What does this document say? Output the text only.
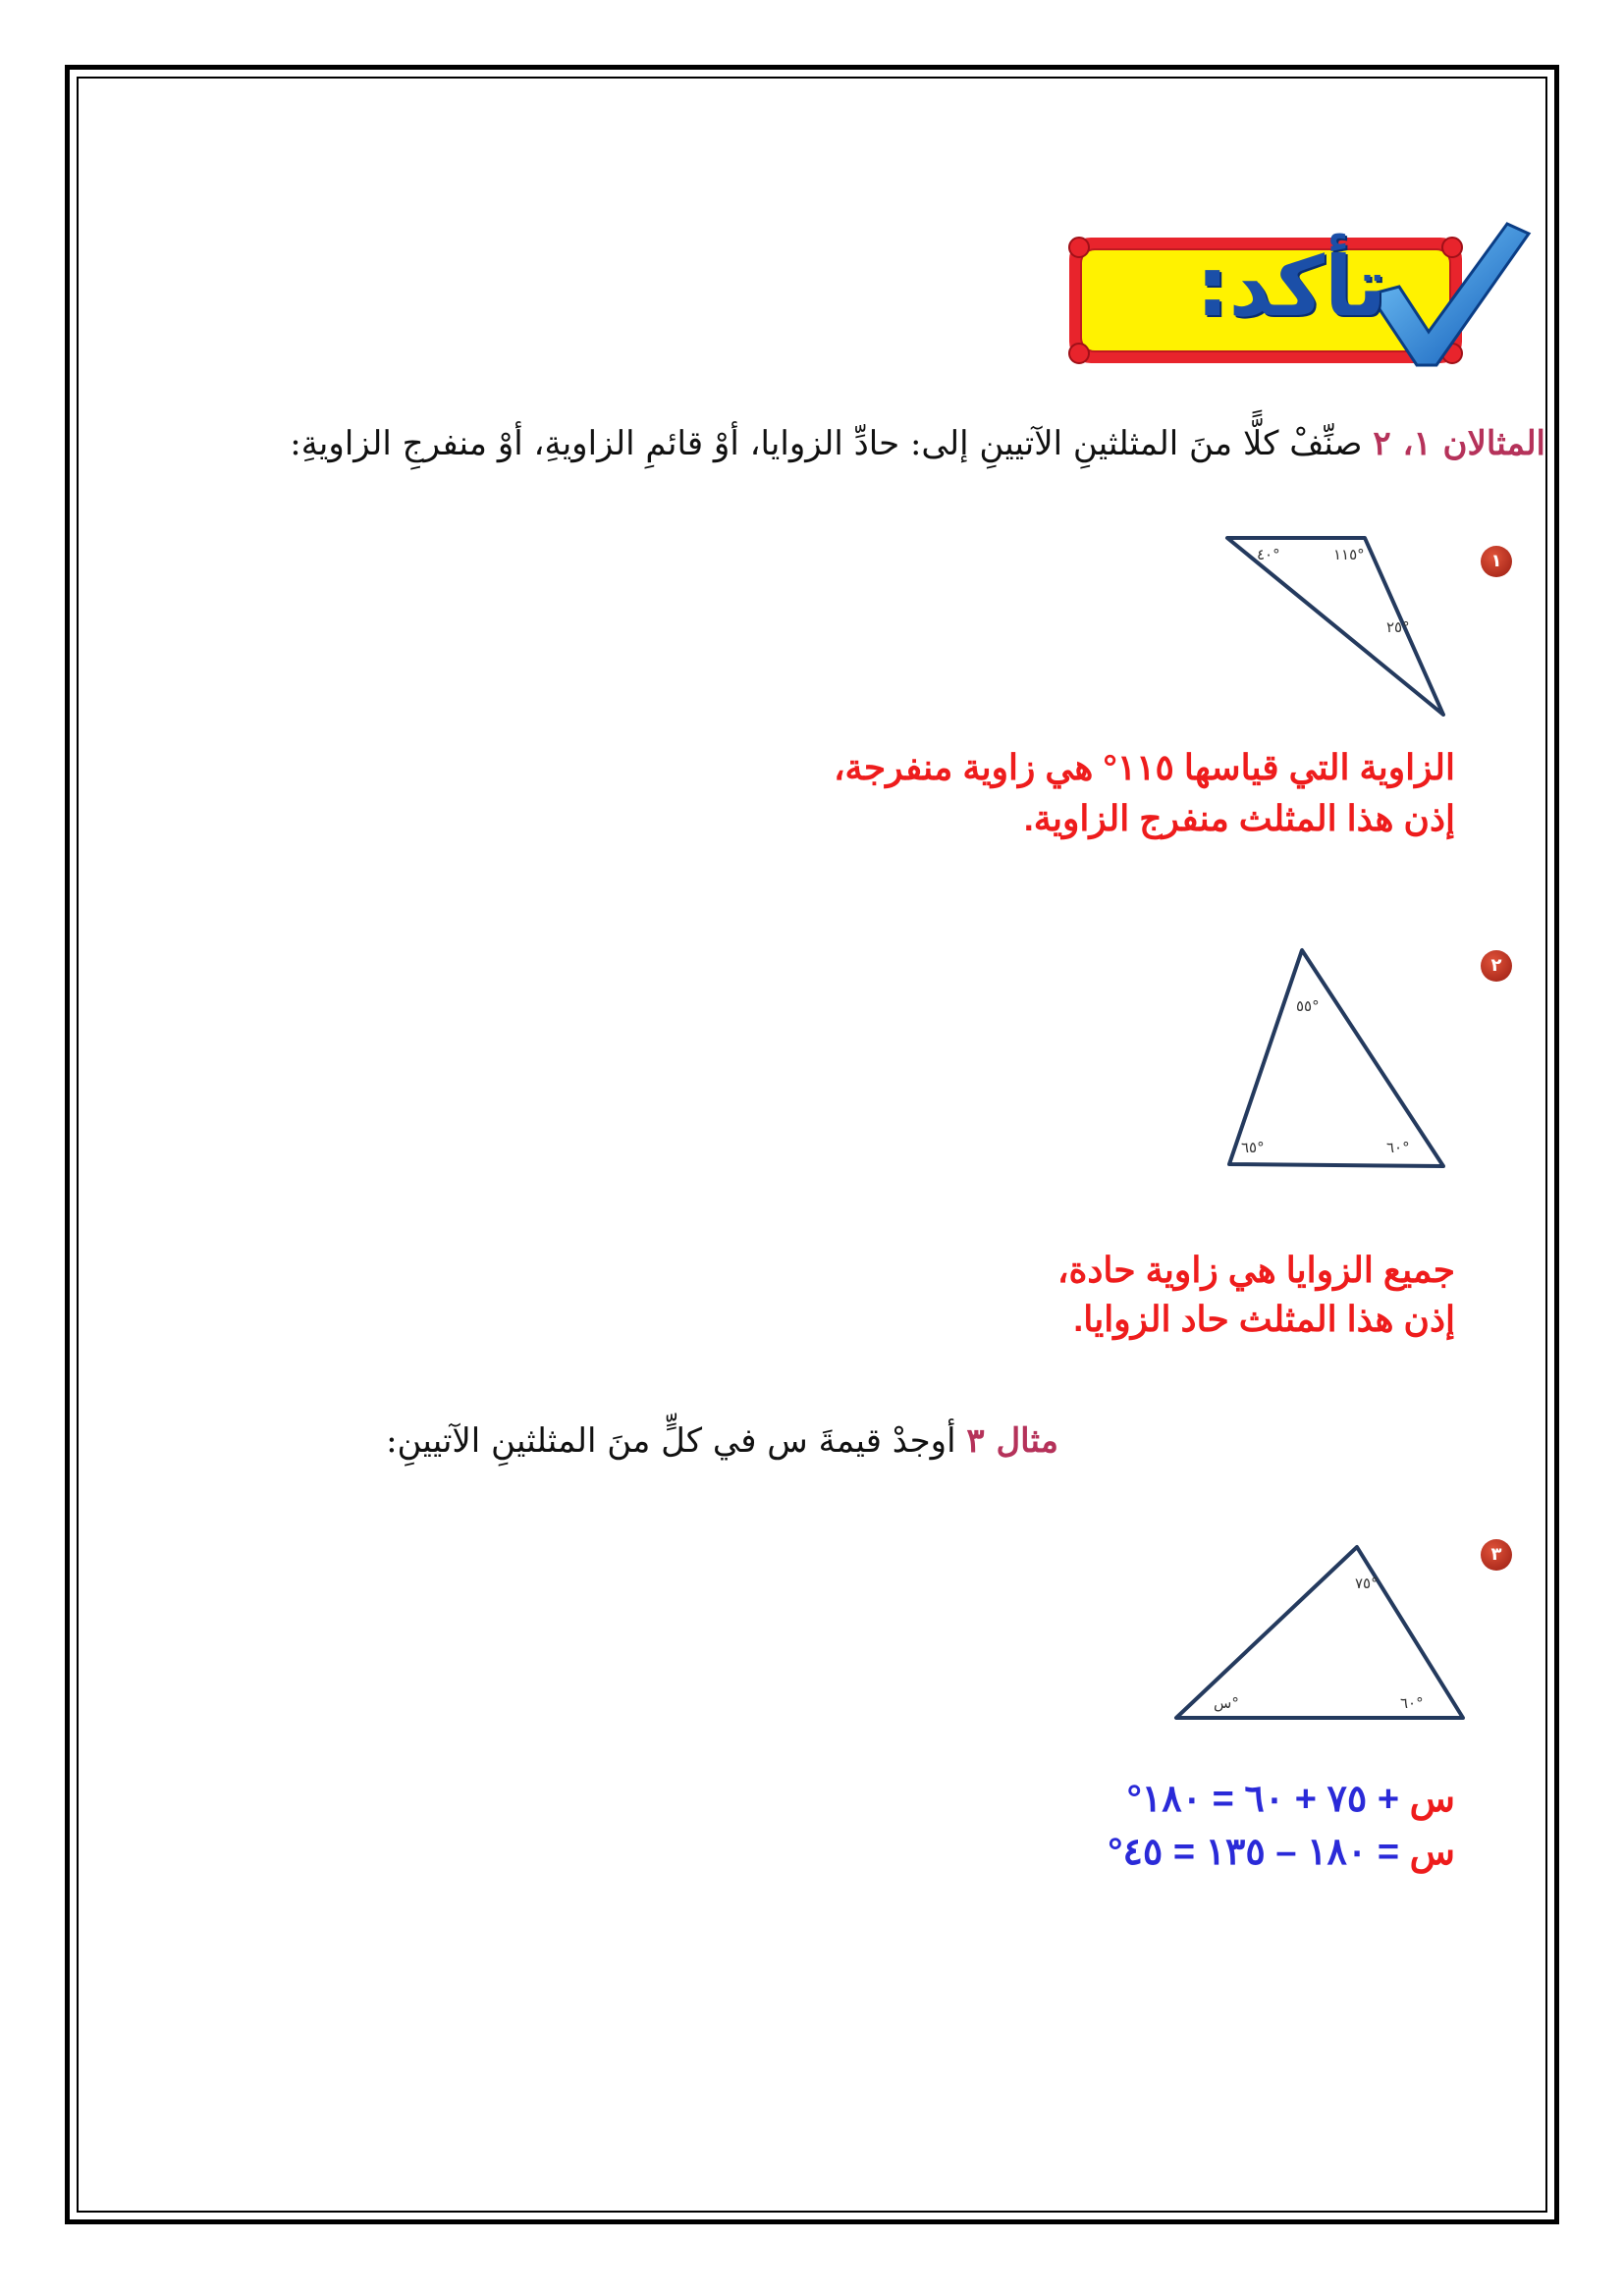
تأكد:
المثالان ١، ٢ صنِّفْ كلًّا منَ المثلثينِ الآتيينِ إلى: حادِّ الزوايا، أوْ قائمِ الزاويةِ، أوْ منفرجِ الزاويةِ:
١
٤٠°	١١٥°
٢٥°
الزاوية التي قياسها ١١٥° هي زاوية منفرجة،
إذن هذا المثلث منفرج الزاوية.
٢
٥٥°
٦٥°	٦٠°
جميع الزوايا هي زاوية حادة،
إذن هذا المثلث حاد الزوايا.
مثال ٣ أوجدْ قيمةَ س في كلٍّ منَ المثلثينِ الآتيينِ:
٣
٧٥°
س°	٦٠°
س + ٧٥ + ٦٠ = ١٨٠°
س = ١٨٠ – ١٣٥ = ٤٥°
